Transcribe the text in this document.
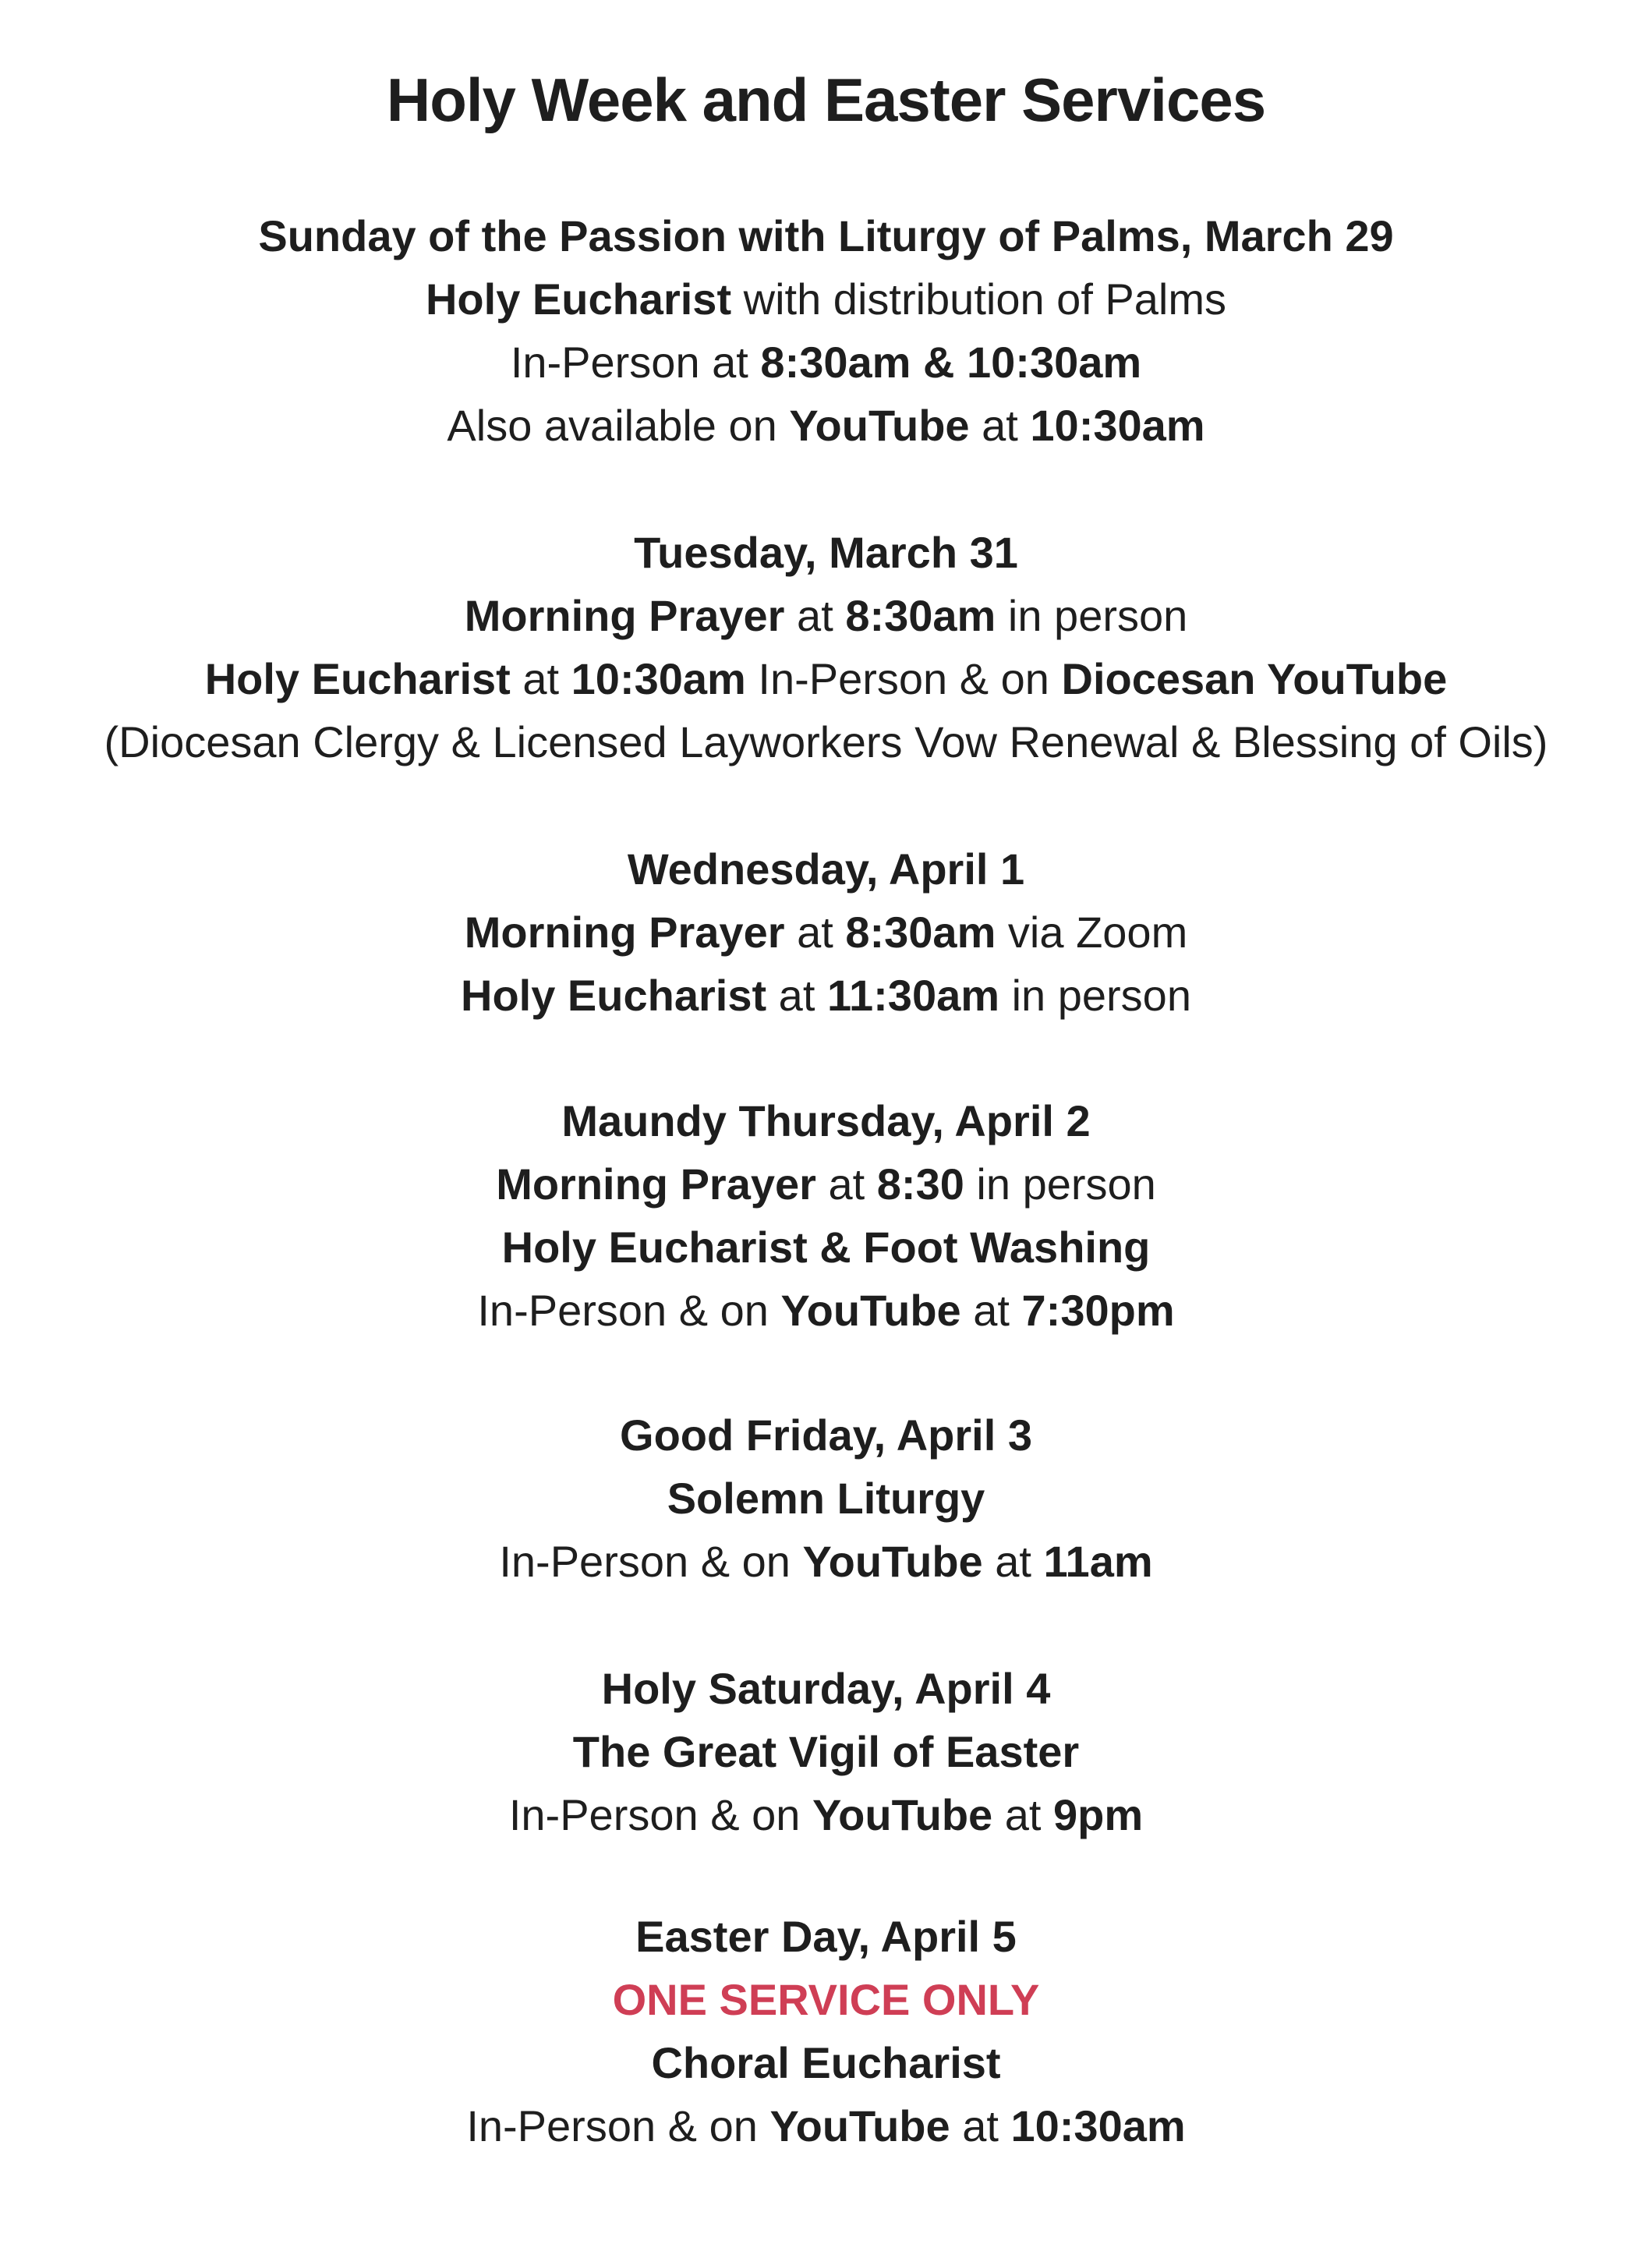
Holy Week and Easter Services
Sunday of the Passion with Liturgy of Palms, March 29
Holy Eucharist with distribution of Palms
In-Person at 8:30am & 10:30am
Also available on YouTube at 10:30am
Tuesday, March 31
Morning Prayer at 8:30am in person
Holy Eucharist at 10:30am In-Person & on Diocesan YouTube
(Diocesan Clergy & Licensed Layworkers Vow Renewal & Blessing of Oils)
Wednesday, April 1
Morning Prayer at 8:30am via Zoom
Holy Eucharist at 11:30am in person
Maundy Thursday, April 2
Morning Prayer at 8:30 in person
Holy Eucharist & Foot Washing
In-Person & on YouTube at 7:30pm
Good Friday, April 3
Solemn Liturgy
In-Person & on YouTube at 11am
Holy Saturday, April 4
The Great Vigil of Easter
In-Person & on YouTube at 9pm
Easter Day, April 5
ONE SERVICE ONLY
Choral Eucharist
In-Person & on YouTube at 10:30am
